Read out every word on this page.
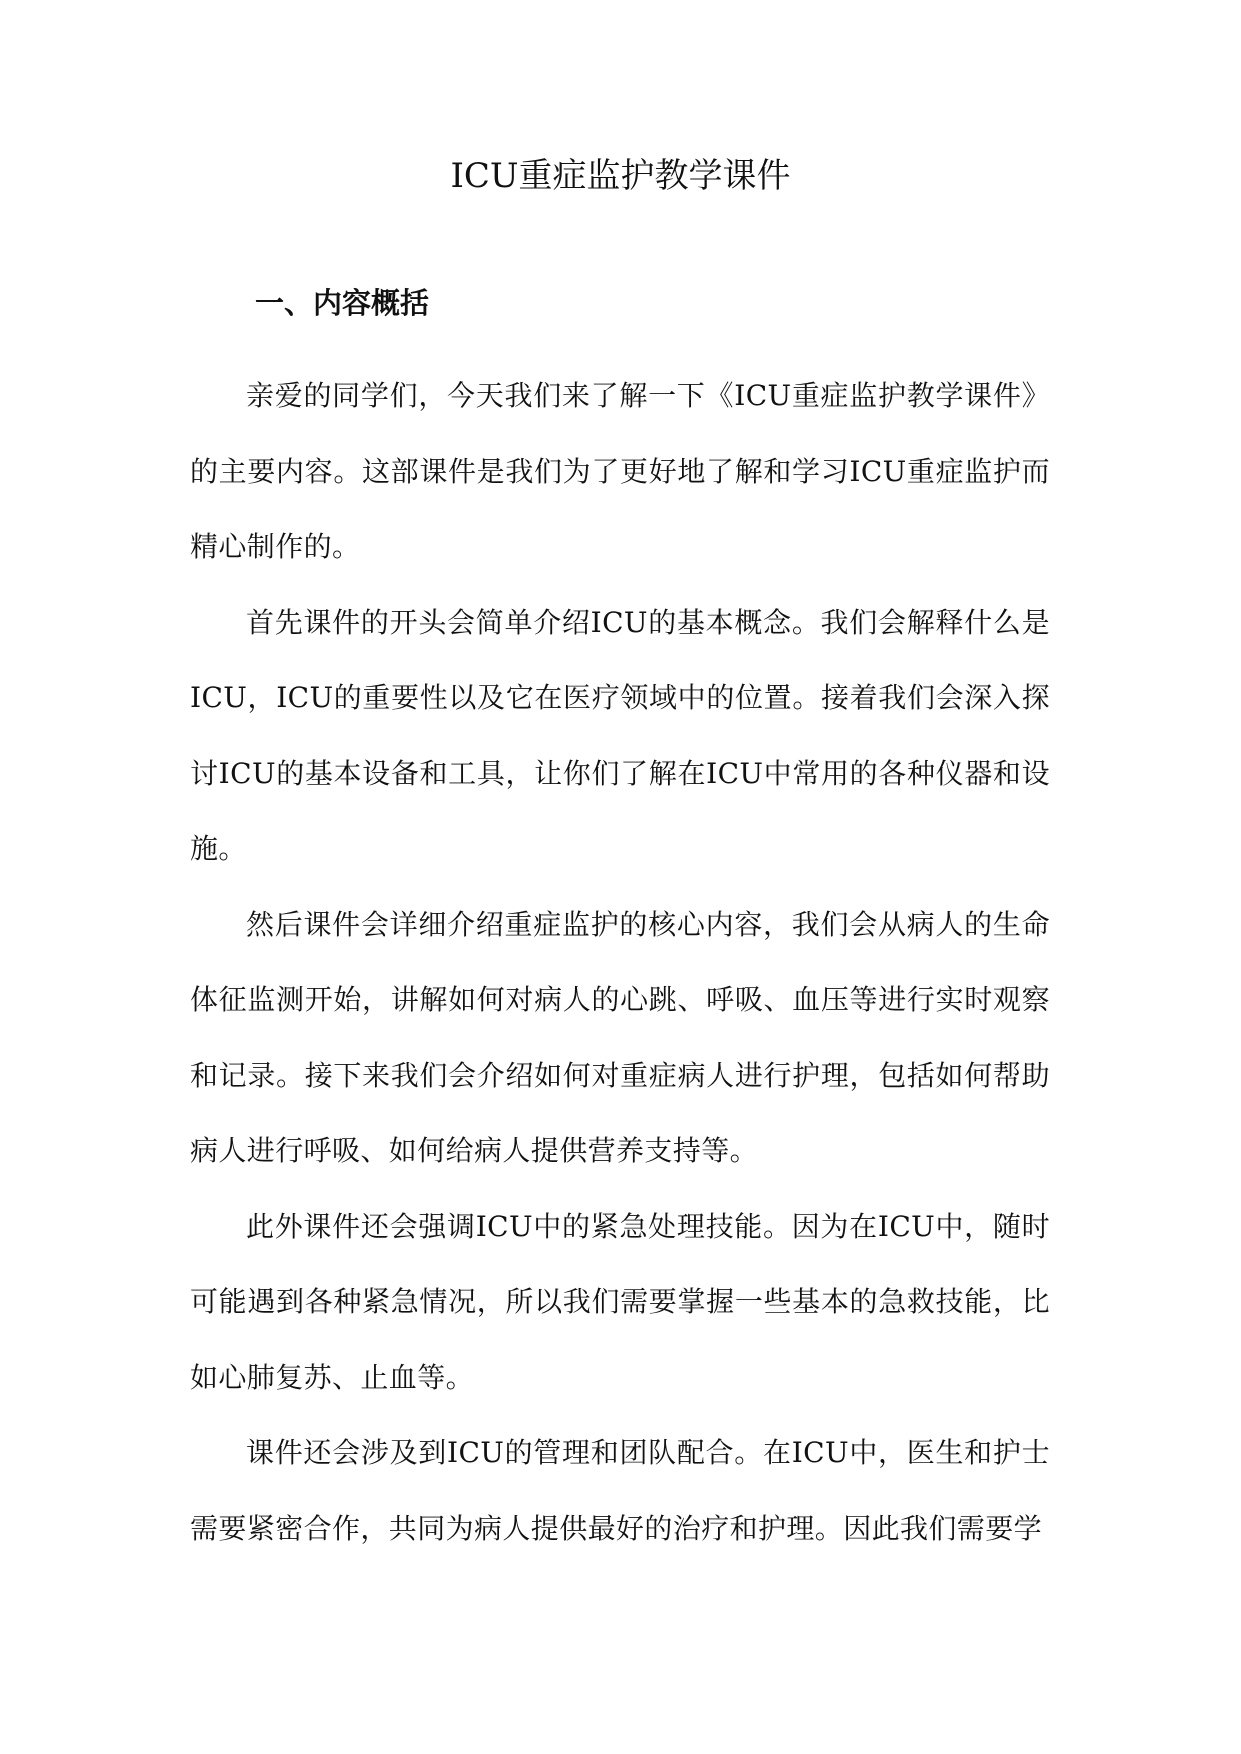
ICU重症监护教学课件
一、内容概括

亲爱的同学们，今天我们来了解一下《ICU重症监护教学课件》的主要内容。这部课件是我们为了更好地了解和学习ICU重症监护而精心制作的。

首先课件的开头会简单介绍ICU的基本概念。我们会解释什么是ICU，ICU的重要性以及它在医疗领域中的位置。接着我们会深入探讨ICU的基本设备和工具，让你们了解在ICU中常用的各种仪器和设施。

然后课件会详细介绍重症监护的核心内容，我们会从病人的生命体征监测开始，讲解如何对病人的心跳、呼吸、血压等进行实时观察和记录。接下来我们会介绍如何对重症病人进行护理，包括如何帮助病人进行呼吸、如何给病人提供营养支持等。

此外课件还会强调ICU中的紧急处理技能。因为在ICU中，随时可能遇到各种紧急情况，所以我们需要掌握一些基本的急救技能，比如心肺复苏、止血等。

课件还会涉及到ICU的管理和团队配合。在ICU中，医生和护士需要紧密合作，共同为病人提供最好的治疗和护理。因此我们需要学
